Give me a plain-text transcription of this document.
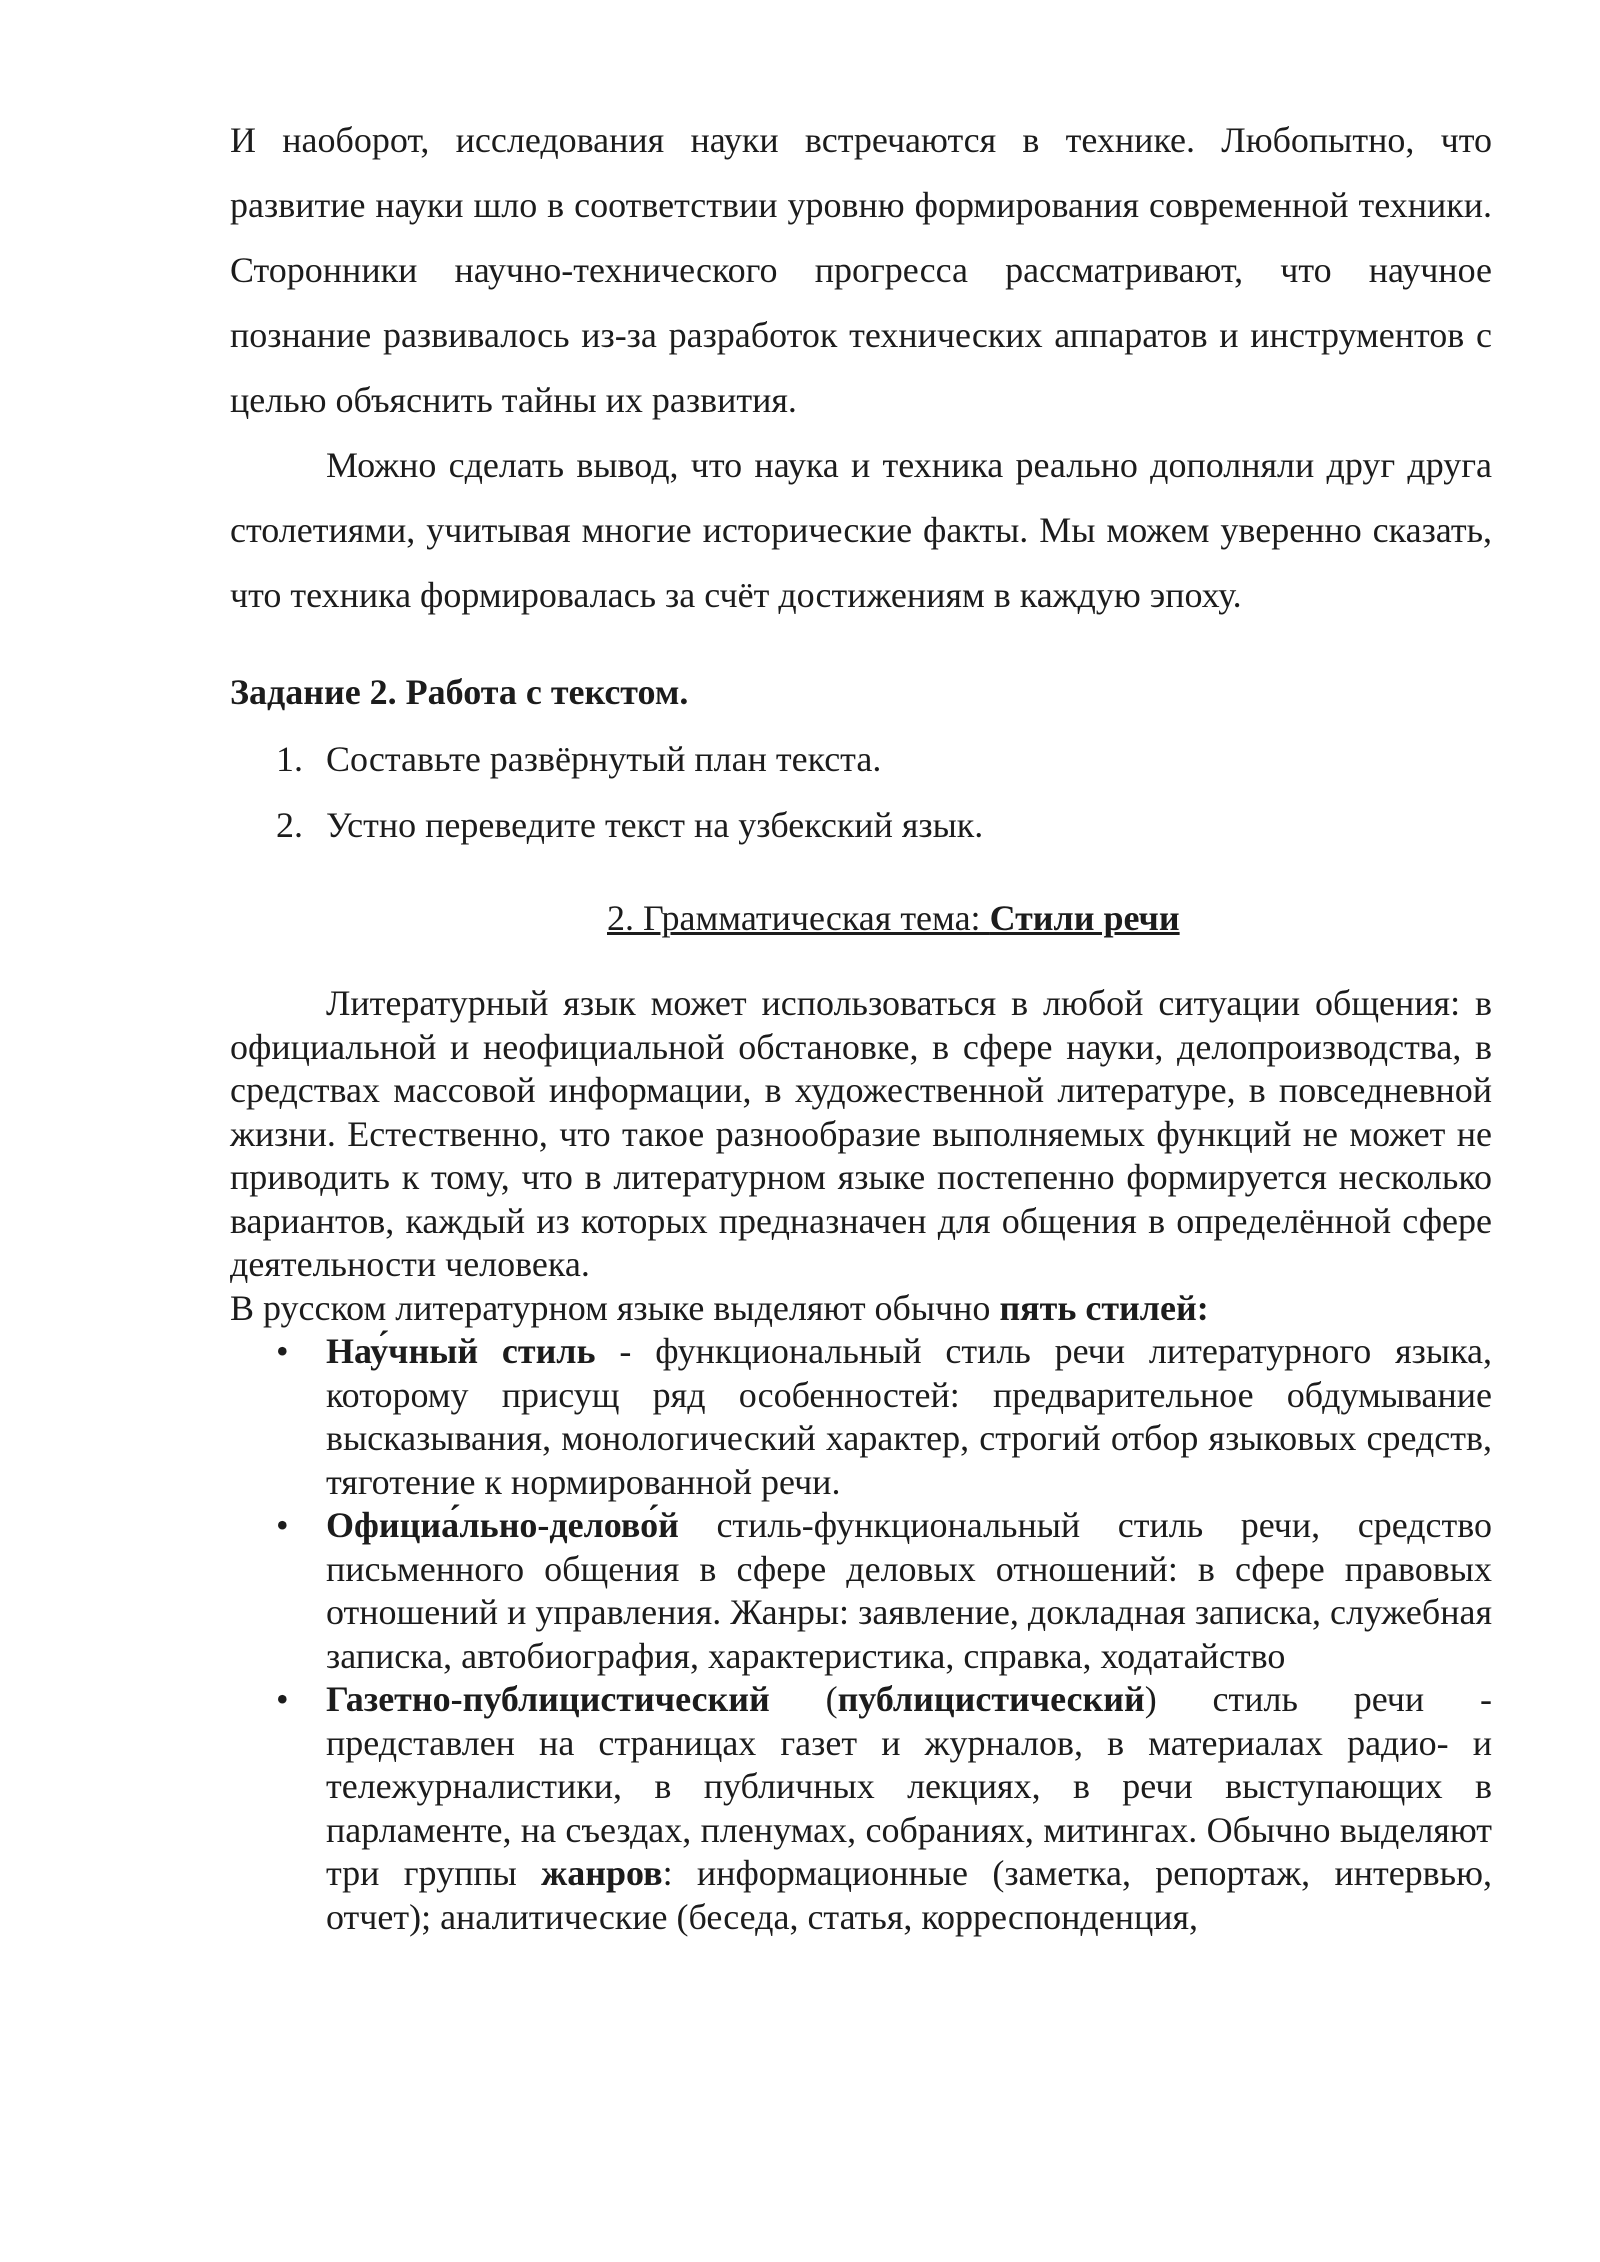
И наоборот, исследования науки встречаются в технике. Любопытно, что развитие науки шло в соответствии уровню формирования современной техники. Сторонники научно-технического прогресса рассматривают, что научное познание развивалось из-за разработок технических аппаратов и инструментов с целью объяснить тайны их развития.

Можно сделать вывод, что наука и техника реально дополняли друг друга столетиями, учитывая многие исторические факты. Мы можем уверенно сказать, что техника формировалась за счёт достижениям в каждую эпоху.

Задание 2. Работа с текстом.

1. Составьте развёрнутый план текста.
2. Устно переведите текст на узбекский язык.

2. Грамматическая тема: Стили речи

Литературный язык может использоваться в любой ситуации общения: в официальной и неофициальной обстановке, в сфере науки, делопроизводства, в средствах массовой информации, в художественной литературе, в повседневной жизни. Естественно, что такое разнообразие выполняемых функций не может не приводить к тому, что в литературном языке постепенно формируется несколько вариантов, каждый из которых предназначен для общения в определённой сфере деятельности человека.

В русском литературном языке выделяют обычно пять стилей:

• Нау́чный стиль - функциональный стиль речи литературного языка, которому присущ ряд особенностей: предварительное обдумывание высказывания, монологический характер, строгий отбор языковых средств, тяготение к нормированной речи.
• Официа́льно-делово́й стиль-функциональный стиль речи, средство письменного общения в сфере деловых отношений: в сфере правовых отношений и управления. Жанры: заявление, докладная записка, служебная записка, автобиография, характеристика, справка, ходатайство
• Газетно-публицистический (публицистический) стиль речи - представлен на страницах газет и журналов, в материалах радио- и тележурналистики, в публичных лекциях, в речи выступающих в парламенте, на съездах, пленумах, собраниях, митингах. Обычно выделяют три группы жанров: информационные (заметка, репортаж, интервью, отчет); аналитические (беседа, статья, корреспонденция,
